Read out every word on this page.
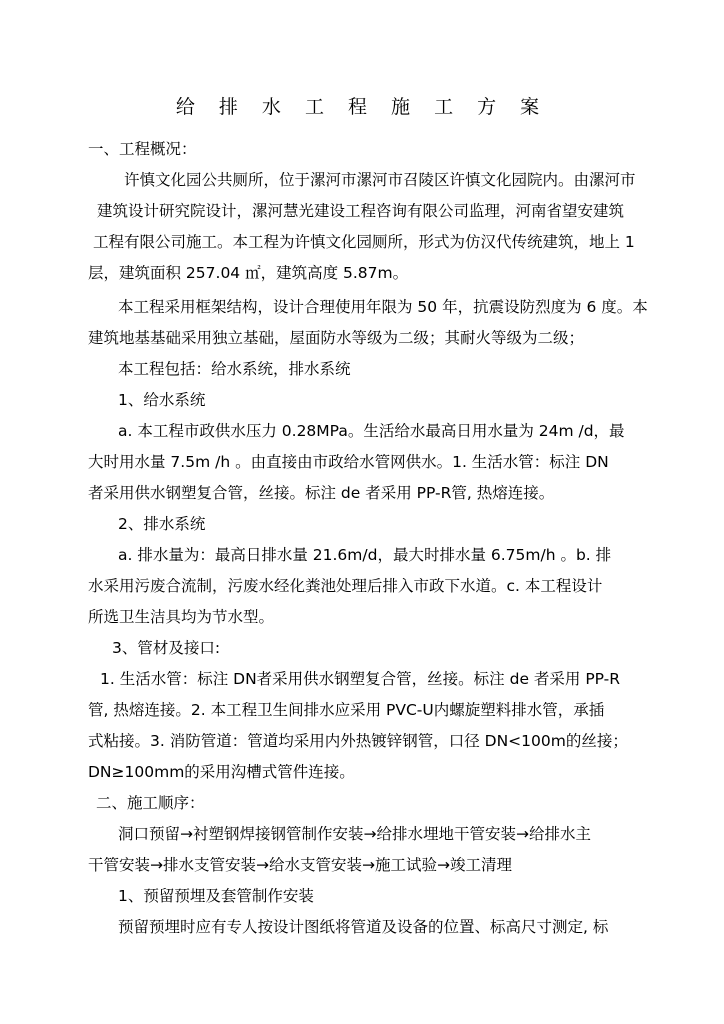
给 排 水 工 程 施 工 方 案
一、工程概况：
许慎文化园公共厕所，位于漯河市漯河市召陵区许慎文化园院内。由漯河市
建筑设计研究院设计，漯河慧光建设工程咨询有限公司监理，河南省望安建筑
工程有限公司施工。本工程为许慎文化园厕所，形式为仿汉代传统建筑，地上 1
层，建筑面积 257.04 ㎡，建筑高度 5.87m。
本工程采用框架结构，设计合理使用年限为 50 年，抗震设防烈度为 6 度。本
建筑地基基础采用独立基础，屋面防水等级为二级；其耐火等级为二级；
本工程包括：给水系统，排水系统
1、给水系统
a. 本工程市政供水压力 0.28MPa。生活给水最高日用水量为 24m /d，最
大时用水量 7.5m /h 。由直接由市政给水管网供水。1. 生活水管：标注 DN
者采用供水钢塑复合管，丝接。标注 de 者采用 PP-R管, 热熔连接。
2、排水系统
a. 排水量为：最高日排水量 21.6m/d，最大时排水量 6.75m/h 。b. 排
水采用污废合流制，污废水经化粪池处理后排入市政下水道。c. 本工程设计
所选卫生洁具均为节水型。
3、管材及接口:
1. 生活水管：标注 DN者采用供水钢塑复合管，丝接。标注 de 者采用 PP-R
管, 热熔连接。2. 本工程卫生间排水应采用 PVC-U内螺旋塑料排水管，承插
式粘接。3. 消防管道：管道均采用内外热镀锌钢管，口径 DN<100m的丝接；
DN≥100mm的采用沟槽式管件连接。
二、施工顺序：
洞口预留→衬塑钢焊接钢管制作安装→给排水埋地干管安装→给排水主
干管安装→排水支管安装→给水支管安装→施工试验→竣工清理
1、预留预埋及套管制作安装
预留预埋时应有专人按设计图纸将管道及设备的位置、标高尺寸测定, 标
